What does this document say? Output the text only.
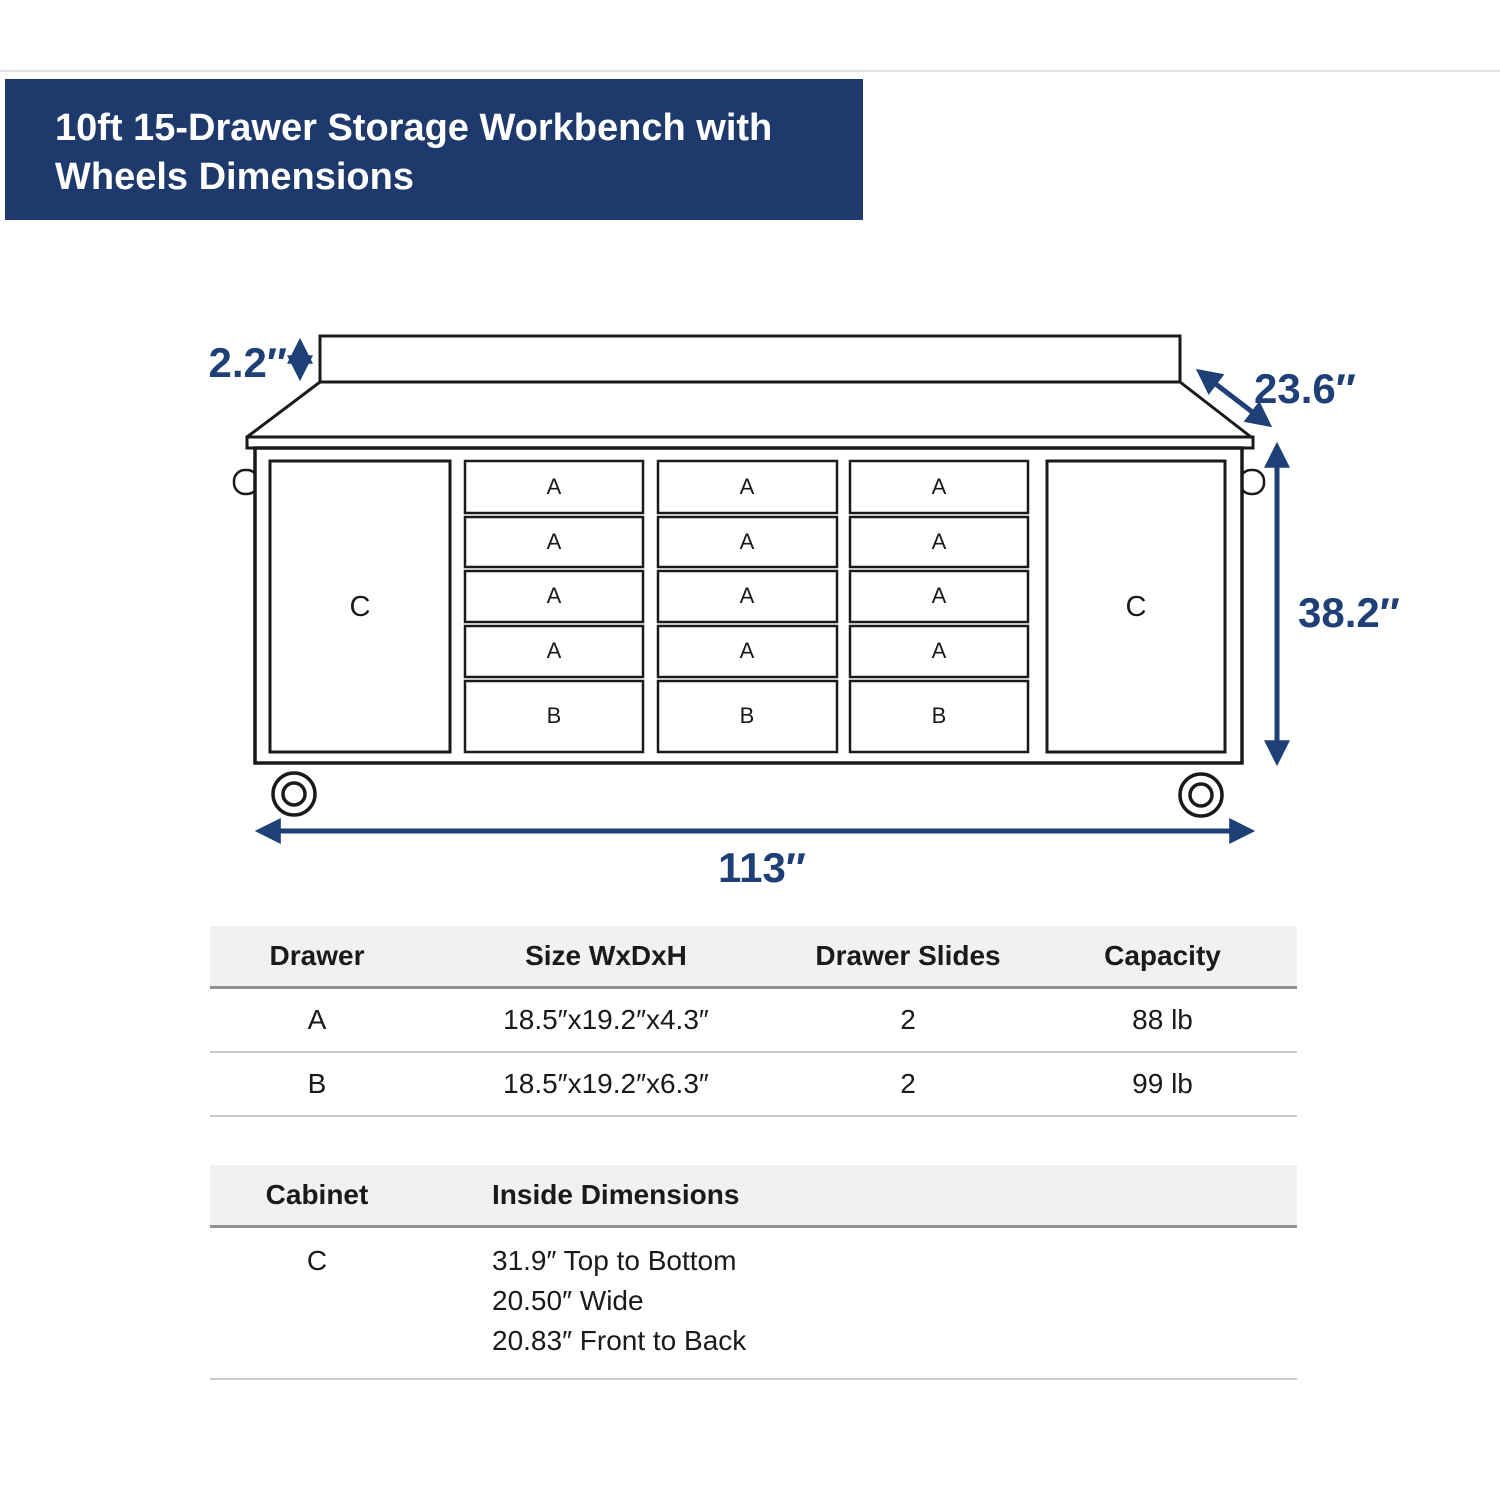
10ft 15-Drawer Storage Workbench with
Wheels Dimensions
C	C
A
A
A
A
B
A
A
A
A
B
A
A
A
A
B
2.2″
23.6″
38.2″
113″
Drawer	Size WxDxH	Drawer Slides	Capacity
A	18.5″x19.2″x4.3″	2	88 lb
B	18.5″x19.2″x6.3″	2	99 lb
Cabinet	Inside Dimensions
C	31.9″ Top to Bottom
20.50″ Wide
20.83″ Front to Back
